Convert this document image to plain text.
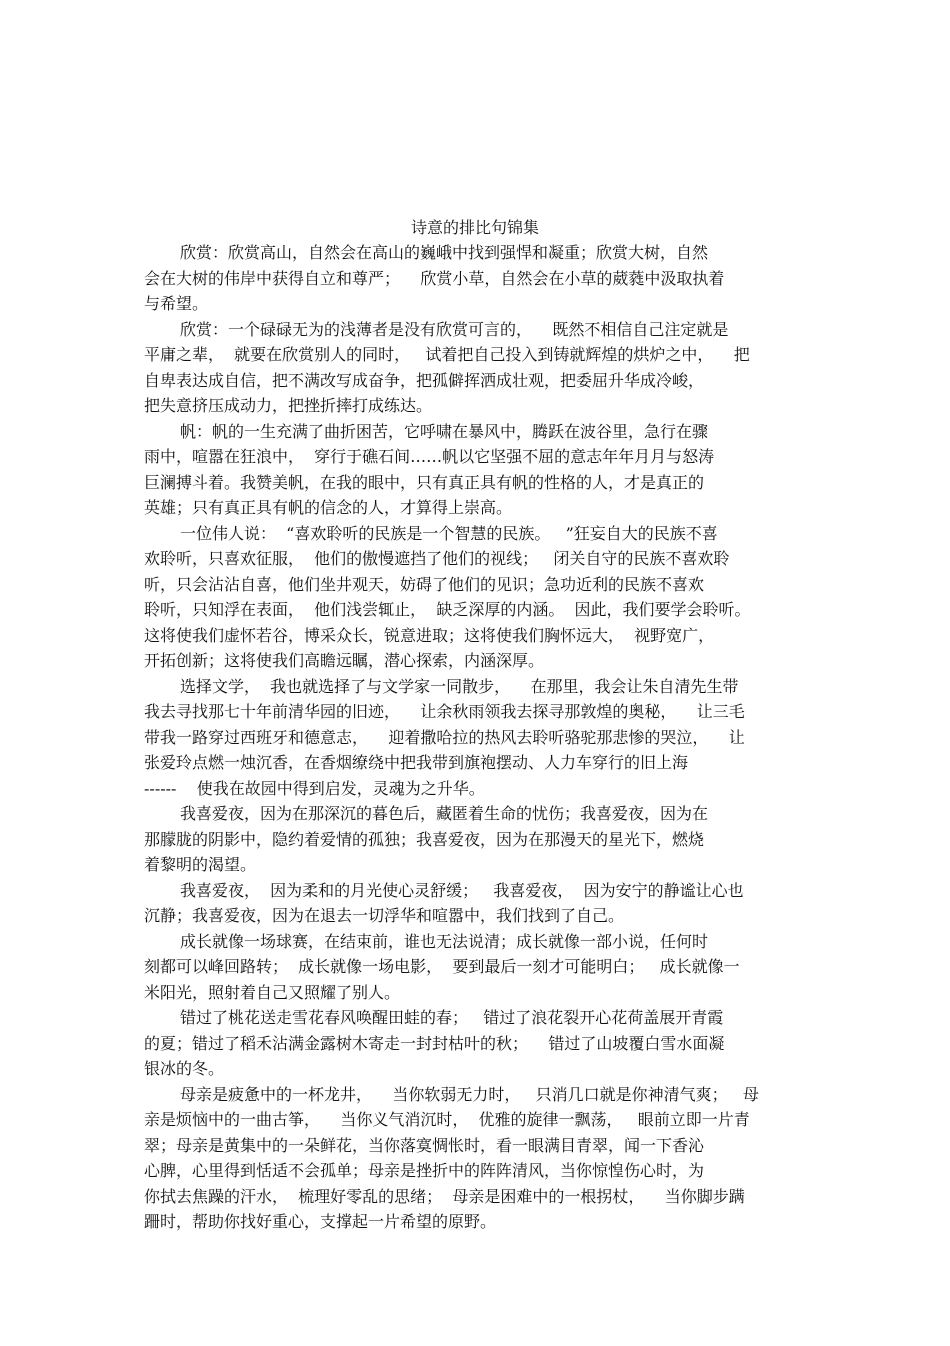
诗意的排比句锦集
欣赏：欣赏高山，自然会在高山的巍峨中找到强悍和凝重；欣赏大树，自然
会在大树的伟岸中获得自立和尊严；    欣赏小草，自然会在小草的葳蕤中汲取执着
与希望。
欣赏：一个碌碌无为的浅薄者是没有欣赏可言的，    既然不相信自己注定就是
平庸之辈，  就要在欣赏别人的同时，   试着把自己投入到铸就辉煌的烘炉之中，    把
自卑表达成自信，把不满改写成奋争，把孤僻挥洒成壮观，把委屈升华成冷峻，
把失意挤压成动力，把挫折摔打成练达。
帆：帆的一生充满了曲折困苦，它呼啸在暴风中，腾跃在波谷里，急行在骤
雨中，喧嚣在狂浪中，  穿行于礁石间……帆以它坚强不屈的意志年年月月与怒涛
巨澜搏斗着。我赞美帆，在我的眼中，只有真正具有帆的性格的人，才是真正的
英雄；只有真正具有帆的信念的人，才算得上崇高。
一位伟人说：  “喜欢聆听的民族是一个智慧的民族。   ”狂妄自大的民族不喜
欢聆听，只喜欢征服，  他们的傲慢遮挡了他们的视线；   闭关自守的民族不喜欢聆
听，只会沾沾自喜，他们坐井观天，妨碍了他们的见识；急功近利的民族不喜欢
聆听，只知浮在表面，  他们浅尝辄止，  缺乏深厚的内涵。  因此，我们要学会聆听。
这将使我们虚怀若谷，博采众长，锐意进取；这将使我们胸怀远大，  视野宽广，
开拓创新；这将使我们高瞻远瞩，潜心探索，内涵深厚。
选择文学，  我也就选择了与文学家一同散步，    在那里，我会让朱自清先生带
我去寻找那七十年前清华园的旧迹，    让余秋雨领我去探寻那敦煌的奥秘，    让三毛
带我一路穿过西班牙和德意志，    迎着撒哈拉的热风去聆听骆驼那悲惨的哭泣，    让
张爱玲点燃一烛沉香，在香烟缭绕中把我带到旗袍摆动、人力车穿行的旧上海
------    使我在故园中得到启发，灵魂为之升华。
我喜爱夜，因为在那深沉的暮色后，藏匿着生命的忧伤；我喜爱夜，因为在
那朦胧的阴影中，隐约着爱情的孤独；我喜爱夜，因为在那漫天的星光下，燃烧
着黎明的渴望。
我喜爱夜，  因为柔和的月光使心灵舒缓；   我喜爱夜，  因为安宁的静谧让心也
沉静；我喜爱夜，因为在退去一切浮华和喧嚣中，我们找到了自己。
成长就像一场球赛，在结束前，谁也无法说清；成长就像一部小说，任何时
刻都可以峰回路转；  成长就像一场电影，  要到最后一刻才可能明白；   成长就像一
米阳光，照射着自己又照耀了别人。
错过了桃花送走雪花春风唤醒田蛙的春；   错过了浪花裂开心花荷盖展开青霞
的夏；错过了稻禾沾满金露树木寄走一封封枯叶的秋；    错过了山坡覆白雪水面凝
银冰的冬。
母亲是疲惫中的一杯龙井，    当你软弱无力时，   只消几口就是你神清气爽；   母
亲是烦恼中的一曲古筝，    当你义气消沉时，  优雅的旋律一飘荡，   眼前立即一片青
翠；母亲是黄集中的一朵鲜花，当你落寞惆怅时，看一眼满目青翠，闻一下香沁
心脾，心里得到恬适不会孤单；母亲是挫折中的阵阵清风，当你惊惶伤心时，为
你拭去焦躁的汗水，  梳理好零乱的思绪；  母亲是困难中的一根拐杖，    当你脚步蹒
跚时，帮助你找好重心，支撑起一片希望的原野。
